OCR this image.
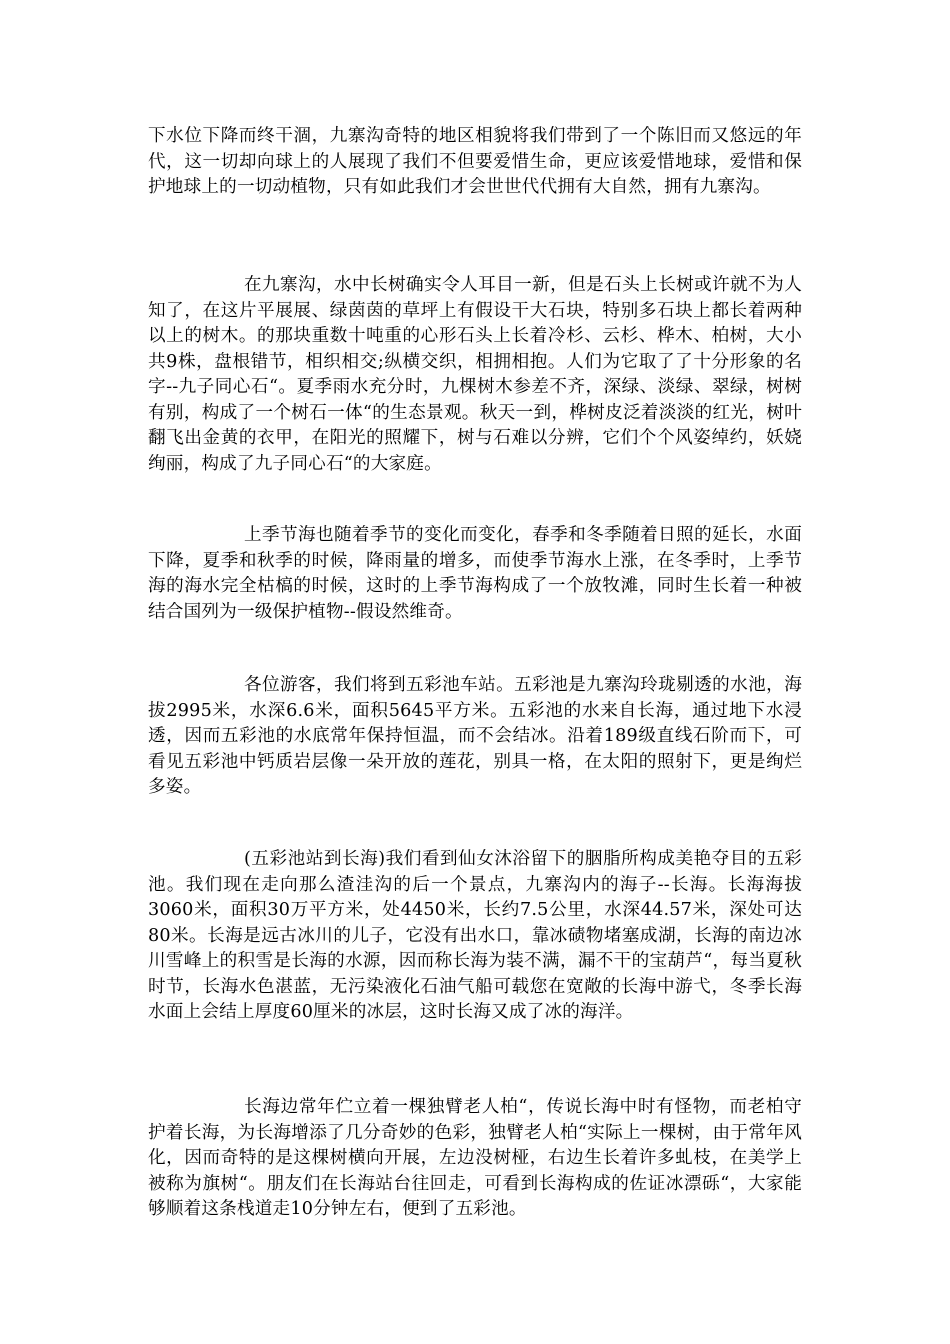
下水位下降而终干涸，九寨沟奇特的地区相貌将我们带到了一个陈旧而又悠远的年代，这一切却向球上的人展现了我们不但要爱惜生命，更应该爱惜地球，爱惜和保护地球上的一切动植物，只有如此我们才会世世代代拥有大自然，拥有九寨沟。

在九寨沟，水中长树确实令人耳目一新，但是石头上长树或许就不为人知了，在这片平展展、绿茵茵的草坪上有假设干大石块，特别多石块上都长着两种以上的树木。的那块重数十吨重的心形石头上长着冷杉、云杉、桦木、柏树，大小共9株，盘根错节，相织相交;纵横交织，相拥相抱。人们为它取了了十分形象的名字--九子同心石“。夏季雨水充分时，九棵树木参差不齐，深绿、淡绿、翠绿，树树有别，构成了一个树石一体“的生态景观。秋天一到，桦树皮泛着淡淡的红光，树叶翻飞出金黄的衣甲，在阳光的照耀下，树与石难以分辨，它们个个风姿绰约，妖娆绚丽，构成了九子同心石“的大家庭。

上季节海也随着季节的变化而变化，春季和冬季随着日照的延长，水面下降，夏季和秋季的时候，降雨量的增多，而使季节海水上涨，在冬季时，上季节海的海水完全枯槁的时候，这时的上季节海构成了一个放牧滩，同时生长着一种被结合国列为一级保护植物--假设然维奇。

各位游客，我们将到五彩池车站。五彩池是九寨沟玲珑剔透的水池，海拔2995米，水深6.6米，面积5645平方米。五彩池的水来自长海，通过地下水浸透，因而五彩池的水底常年保持恒温，而不会结冰。沿着189级直线石阶而下，可看见五彩池中钙质岩层像一朵开放的莲花，别具一格，在太阳的照射下，更是绚烂多姿。

(五彩池站到长海)我们看到仙女沐浴留下的胭脂所构成美艳夺目的五彩池。我们现在走向那么渣洼沟的后一个景点，九寨沟内的海子--长海。长海海拔3060米，面积30万平方米，处4450米，长约7.5公里，水深44.57米，深处可达80米。长海是远古冰川的儿子，它没有出水口，靠冰碛物堵塞成湖，长海的南边冰川雪峰上的积雪是长海的水源，因而称长海为装不满，漏不干的宝葫芦“，每当夏秋时节，长海水色湛蓝，无污染液化石油气船可载您在宽敞的长海中游弋，冬季长海水面上会结上厚度60厘米的冰层，这时长海又成了冰的海洋。

长海边常年伫立着一棵独臂老人柏“，传说长海中时有怪物，而老柏守护着长海，为长海增添了几分奇妙的色彩，独臂老人柏“实际上一棵树，由于常年风化，因而奇特的是这棵树横向开展，左边没树桠，右边生长着许多虬枝，在美学上被称为旗树“。朋友们在长海站台往回走，可看到长海构成的佐证冰漂砾“，大家能够顺着这条栈道走10分钟左右，便到了五彩池。
